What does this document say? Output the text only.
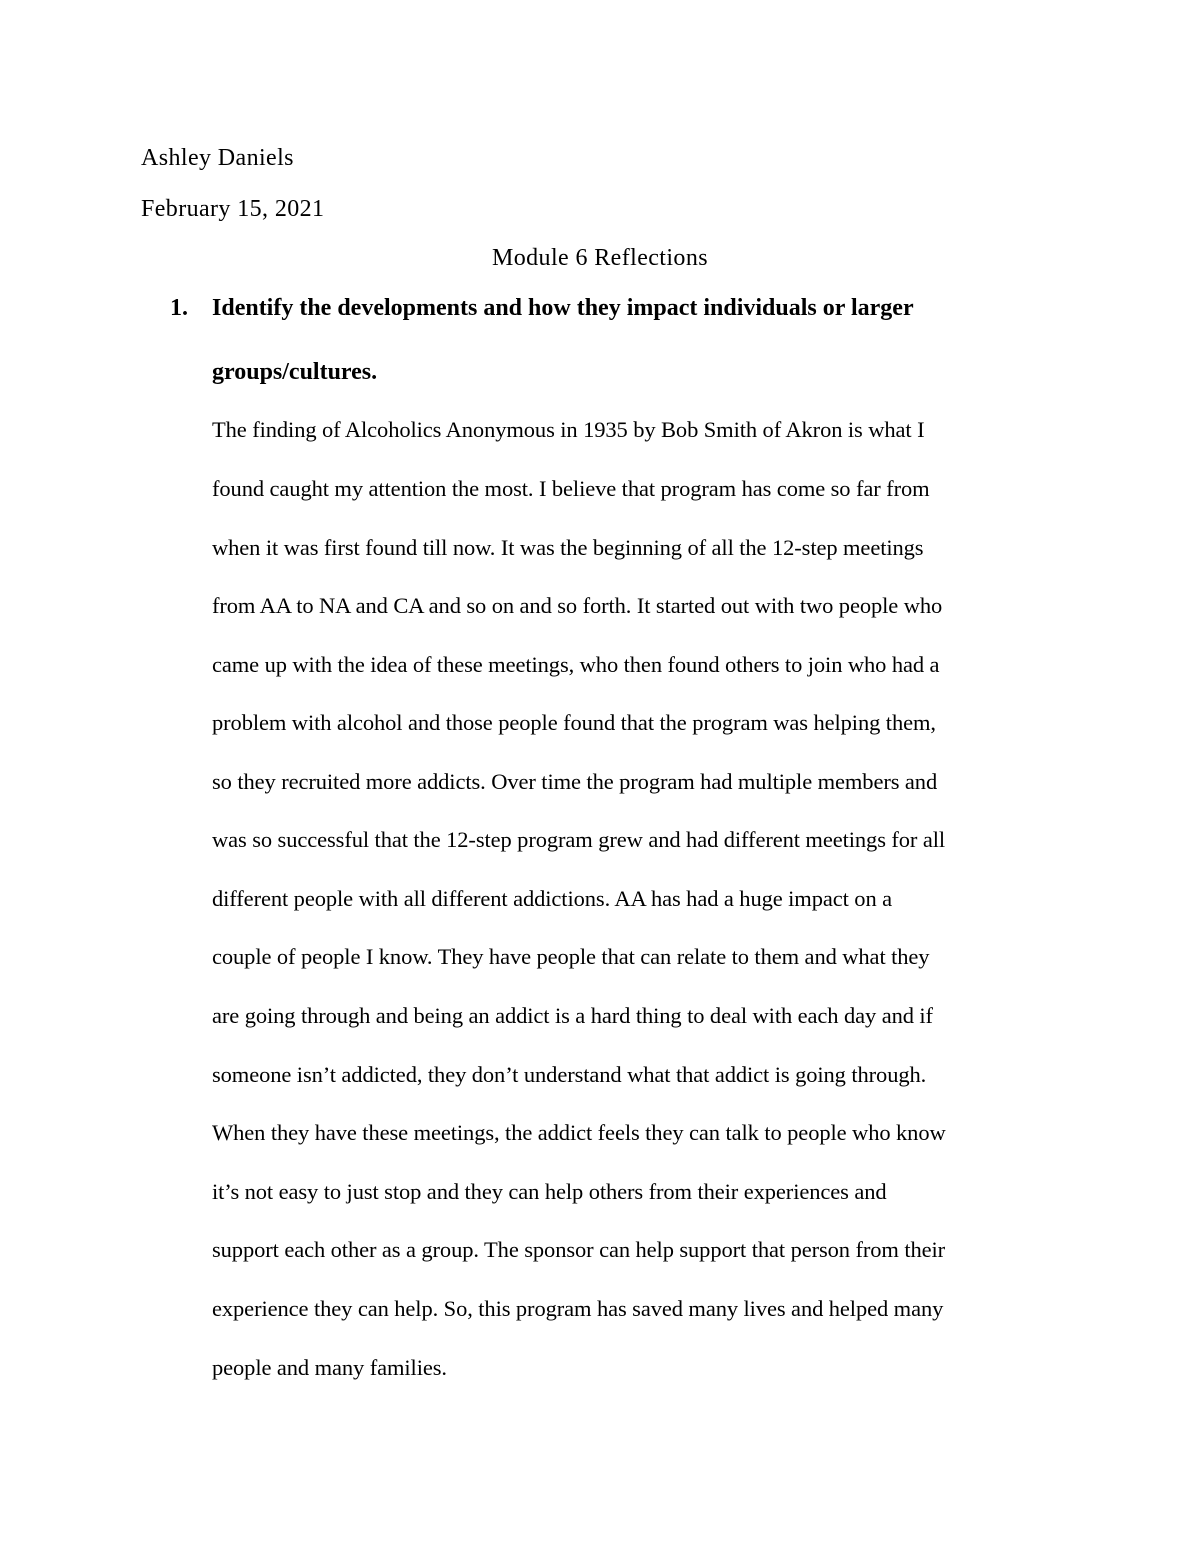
Ashley Daniels

February 15, 2021

Module 6 Reflections

1. Identify the developments and how they impact individuals or larger
groups/cultures.

The finding of Alcoholics Anonymous in 1935 by Bob Smith of Akron is what I

found caught my attention the most. I believe that program has come so far from

when it was first found till now. It was the beginning of all the 12-step meetings

from AA to NA and CA and so on and so forth. It started out with two people who

came up with the idea of these meetings, who then found others to join who had a

problem with alcohol and those people found that the program was helping them,

so they recruited more addicts. Over time the program had multiple members and

was so successful that the 12-step program grew and had different meetings for all

different people with all different addictions. AA has had a huge impact on a

couple of people I know. They have people that can relate to them and what they

are going through and being an addict is a hard thing to deal with each day and if

someone isn’t addicted, they don’t understand what that addict is going through.

When they have these meetings, the addict feels they can talk to people who know

it’s not easy to just stop and they can help others from their experiences and

support each other as a group. The sponsor can help support that person from their

experience they can help. So, this program has saved many lives and helped many

people and many families.
